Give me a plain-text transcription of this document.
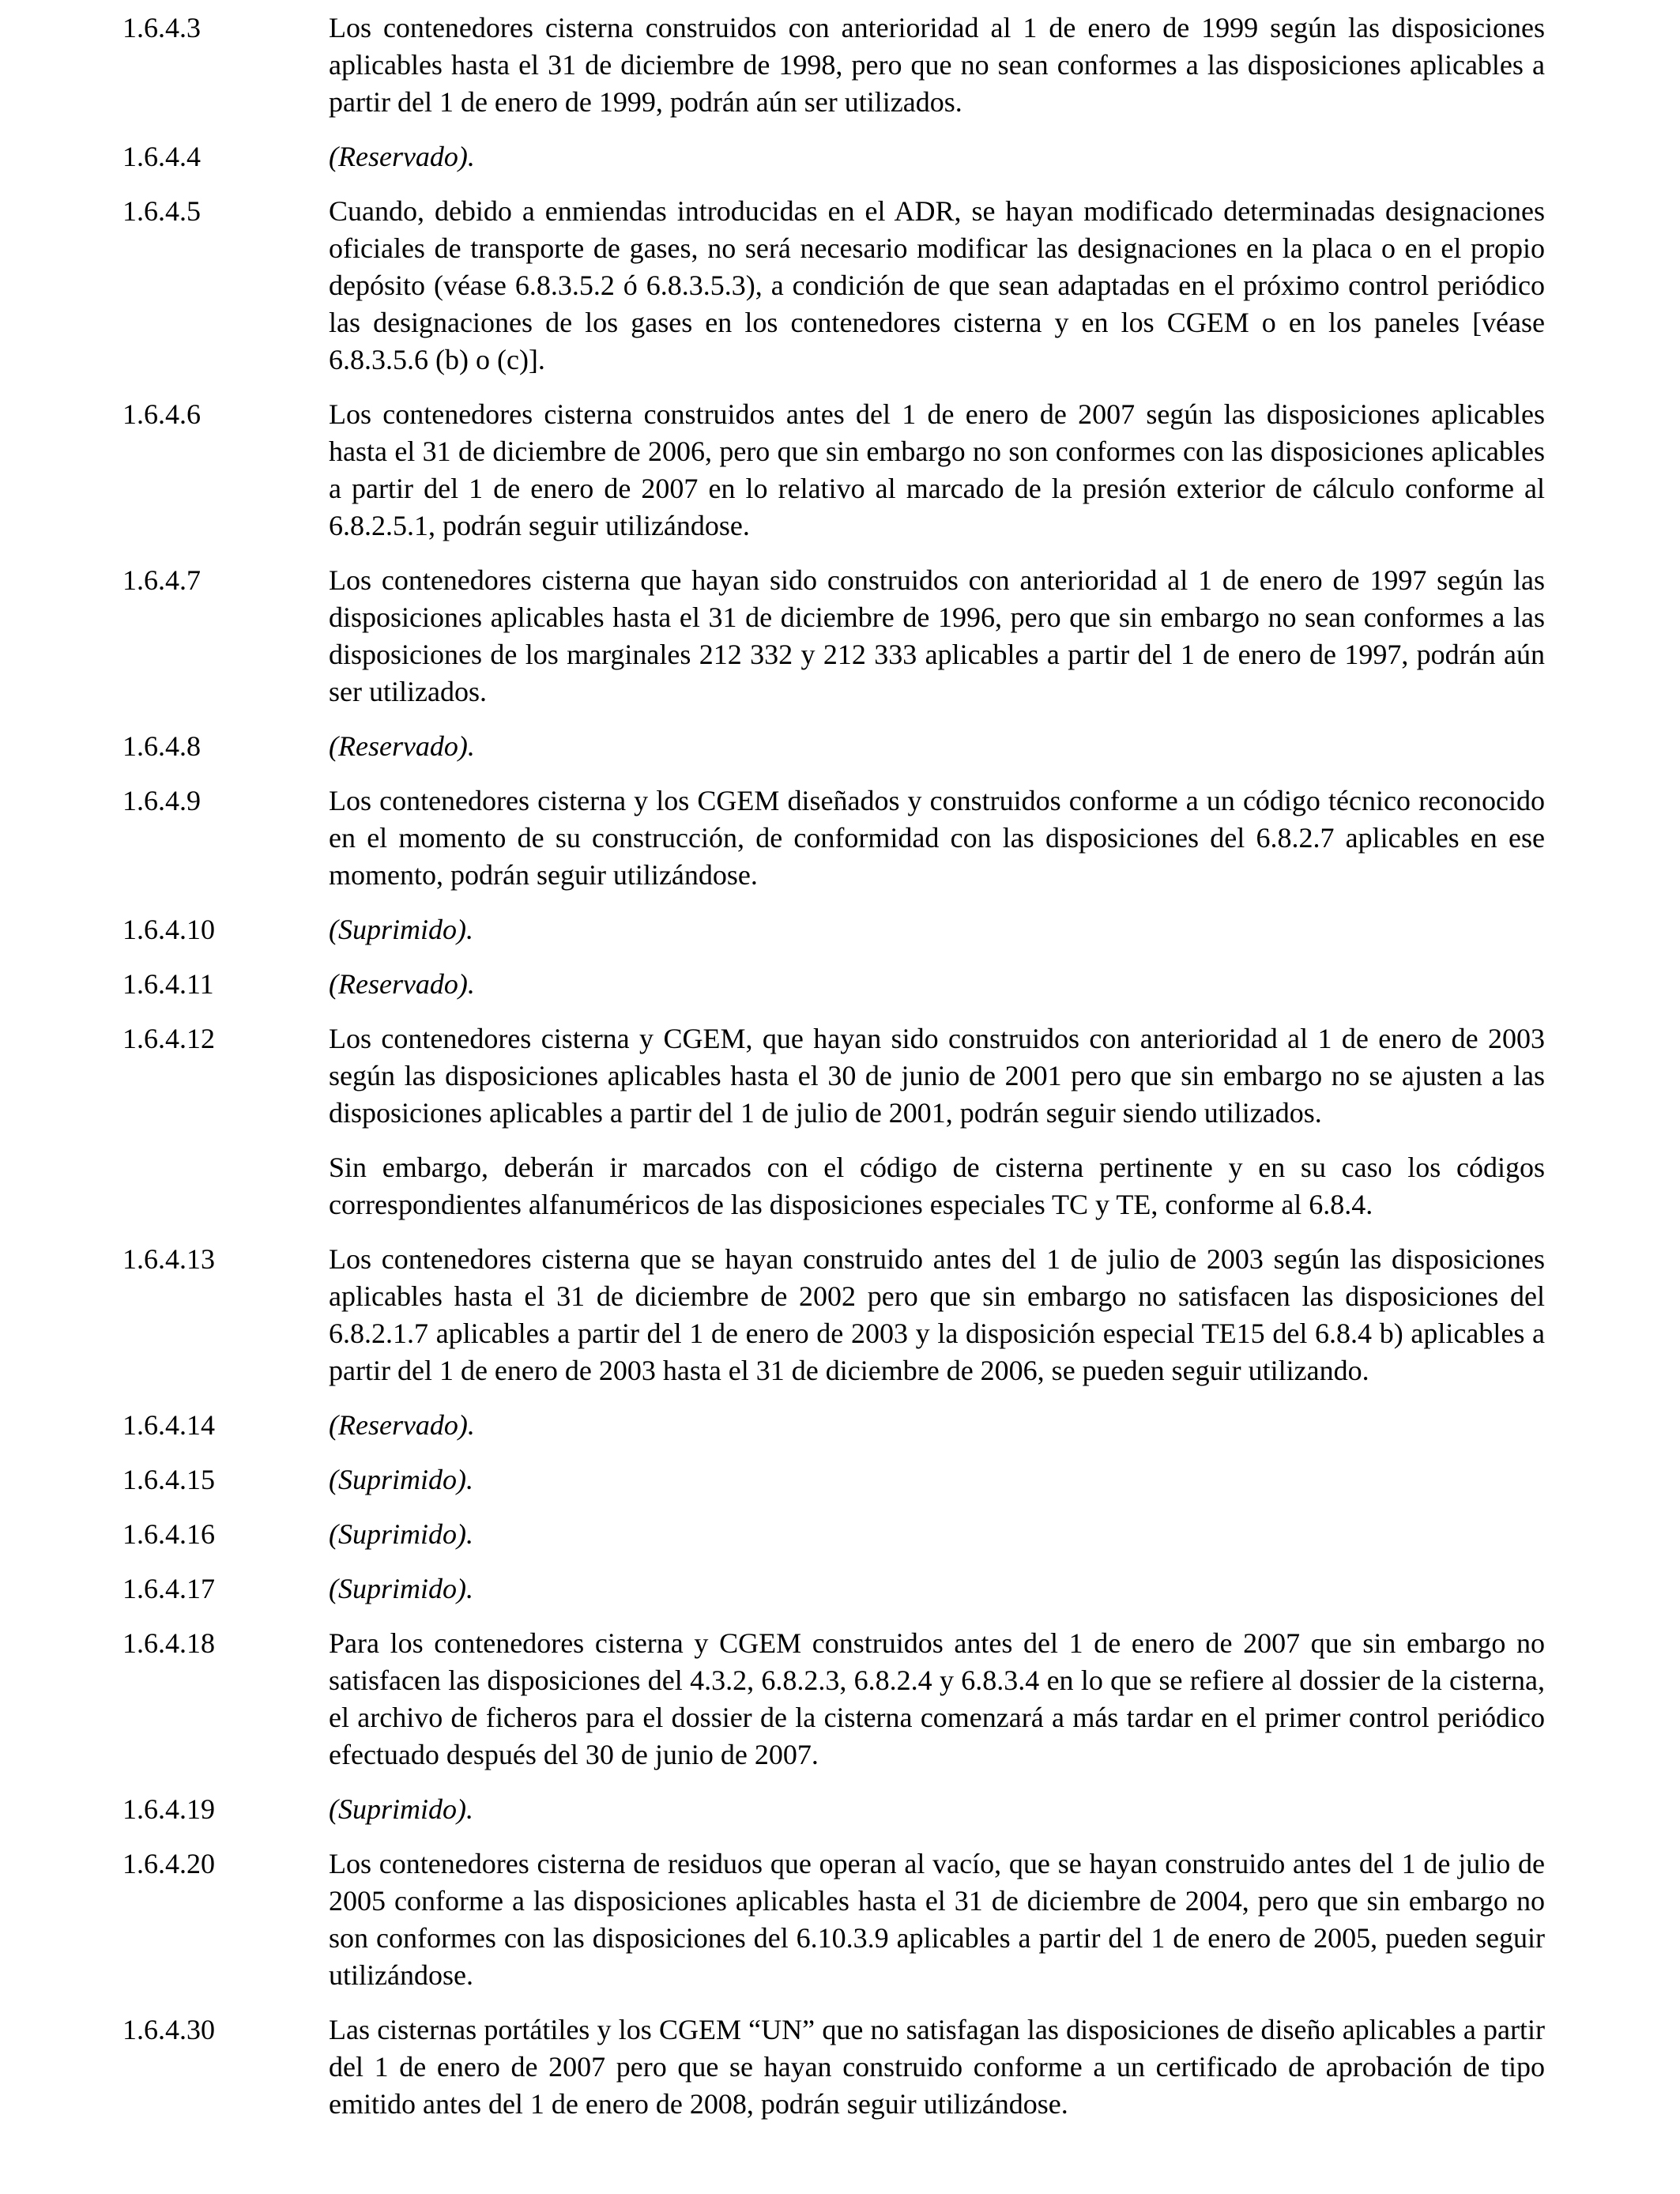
1.6.4.3	Los contenedores cisterna construidos con anterioridad al 1 de enero de 1999 según las disposiciones aplicables hasta el 31 de diciembre de 1998, pero que no sean conformes a las disposiciones aplicables a partir del 1 de enero de 1999, podrán aún ser utilizados.

1.6.4.4	(Reservado).

1.6.4.5	Cuando, debido a enmiendas introducidas en el ADR, se hayan modificado determinadas designaciones oficiales de transporte de gases, no será necesario modificar las designaciones en la placa o en el propio depósito (véase 6.8.3.5.2 ó 6.8.3.5.3), a condición de que sean adaptadas en el próximo control periódico las designaciones de los gases en los contenedores cisterna y en los CGEM o en los paneles [véase 6.8.3.5.6 (b) o (c)].

1.6.4.6	Los contenedores cisterna construidos antes del 1 de enero de 2007 según las disposiciones aplicables hasta el 31 de diciembre de 2006, pero que sin embargo no son conformes con las disposiciones aplicables a partir del 1 de enero de 2007 en lo relativo al marcado de la presión exterior de cálculo conforme al 6.8.2.5.1, podrán seguir utilizándose.

1.6.4.7	Los contenedores cisterna que hayan sido construidos con anterioridad al 1 de enero de 1997 según las disposiciones aplicables hasta el 31 de diciembre de 1996, pero que sin embargo no sean conformes a las disposiciones de los marginales 212 332 y 212 333 aplicables a partir del 1 de enero de 1997, podrán aún ser utilizados.

1.6.4.8	(Reservado).

1.6.4.9	Los contenedores cisterna y los CGEM diseñados y construidos conforme a un código técnico reconocido en el momento de su construcción, de conformidad con las disposiciones del 6.8.2.7 aplicables en ese momento, podrán seguir utilizándose.

1.6.4.10	(Suprimido).

1.6.4.11	(Reservado).

1.6.4.12	Los contenedores cisterna y CGEM, que hayan sido construidos con anterioridad al 1 de enero de 2003 según las disposiciones aplicables hasta el 30 de junio de 2001 pero que sin embargo no se ajusten a las disposiciones aplicables a partir del 1 de julio de 2001, podrán seguir siendo utilizados.

Sin embargo, deberán ir marcados con el código de cisterna pertinente y en su caso los códigos correspondientes alfanuméricos de las disposiciones especiales TC y TE, conforme al 6.8.4.

1.6.4.13	Los contenedores cisterna que se hayan construido antes del 1 de julio de 2003 según las disposiciones aplicables hasta el 31 de diciembre de 2002 pero que sin embargo no satisfacen las disposiciones del 6.8.2.1.7 aplicables a partir del 1 de enero de 2003 y la disposición especial TE15 del 6.8.4 b) aplicables a partir del 1 de enero de 2003 hasta el 31 de diciembre de 2006, se pueden seguir utilizando.

1.6.4.14	(Reservado).

1.6.4.15	(Suprimido).

1.6.4.16	(Suprimido).

1.6.4.17	(Suprimido).

1.6.4.18	Para los contenedores cisterna y CGEM construidos antes del 1 de enero de 2007 que sin embargo no satisfacen las disposiciones del 4.3.2, 6.8.2.3, 6.8.2.4 y 6.8.3.4 en lo que se refiere al dossier de la cisterna, el archivo de ficheros para el dossier de la cisterna comenzará a más tardar en el primer control periódico efectuado después del 30 de junio de 2007.

1.6.4.19	(Suprimido).

1.6.4.20	Los contenedores cisterna de residuos que operan al vacío, que se hayan construido antes del 1 de julio de 2005 conforme a las disposiciones aplicables hasta el 31 de diciembre de 2004, pero que sin embargo no son conformes con las disposiciones del 6.10.3.9 aplicables a partir del 1 de enero de 2005, pueden seguir utilizándose.

1.6.4.30	Las cisternas portátiles y los CGEM “UN” que no satisfagan las disposiciones de diseño aplicables a partir del 1 de enero de 2007 pero que se hayan construido conforme a un certificado de aprobación de tipo emitido antes del 1 de enero de 2008, podrán seguir utilizándose.
